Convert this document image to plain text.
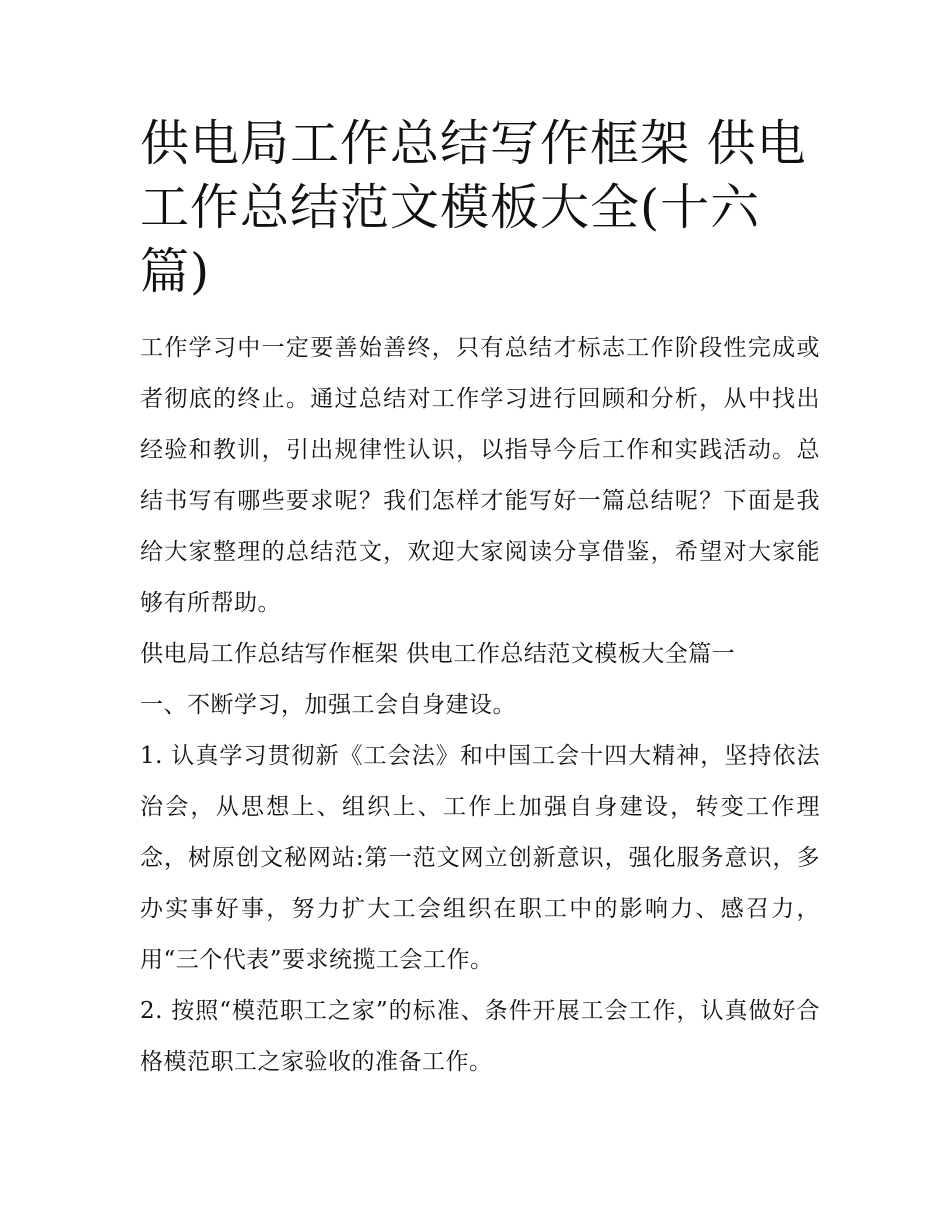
供电局工作总结写作框架 供电工作总结范文模板大全(十六篇)

工作学习中一定要善始善终，只有总结才标志工作阶段性完成或者彻底的终止。通过总结对工作学习进行回顾和分析，从中找出经验和教训，引出规律性认识，以指导今后工作和实践活动。总结书写有哪些要求呢？我们怎样才能写好一篇总结呢？下面是我给大家整理的总结范文，欢迎大家阅读分享借鉴，希望对大家能够有所帮助。

供电局工作总结写作框架 供电工作总结范文模板大全篇一

一、不断学习，加强工会自身建设。

1. 认真学习贯彻新《工会法》和中国工会十四大精神，坚持依法治会，从思想上、组织上、工作上加强自身建设，转变工作理念，树原创文秘网站:第一范文网立创新意识，强化服务意识，多办实事好事，努力扩大工会组织在职工中的影响力、感召力，用“三个代表”要求统揽工会工作。

2. 按照“模范职工之家”的标准、条件开展工会工作，认真做好合格模范职工之家验收的准备工作。
